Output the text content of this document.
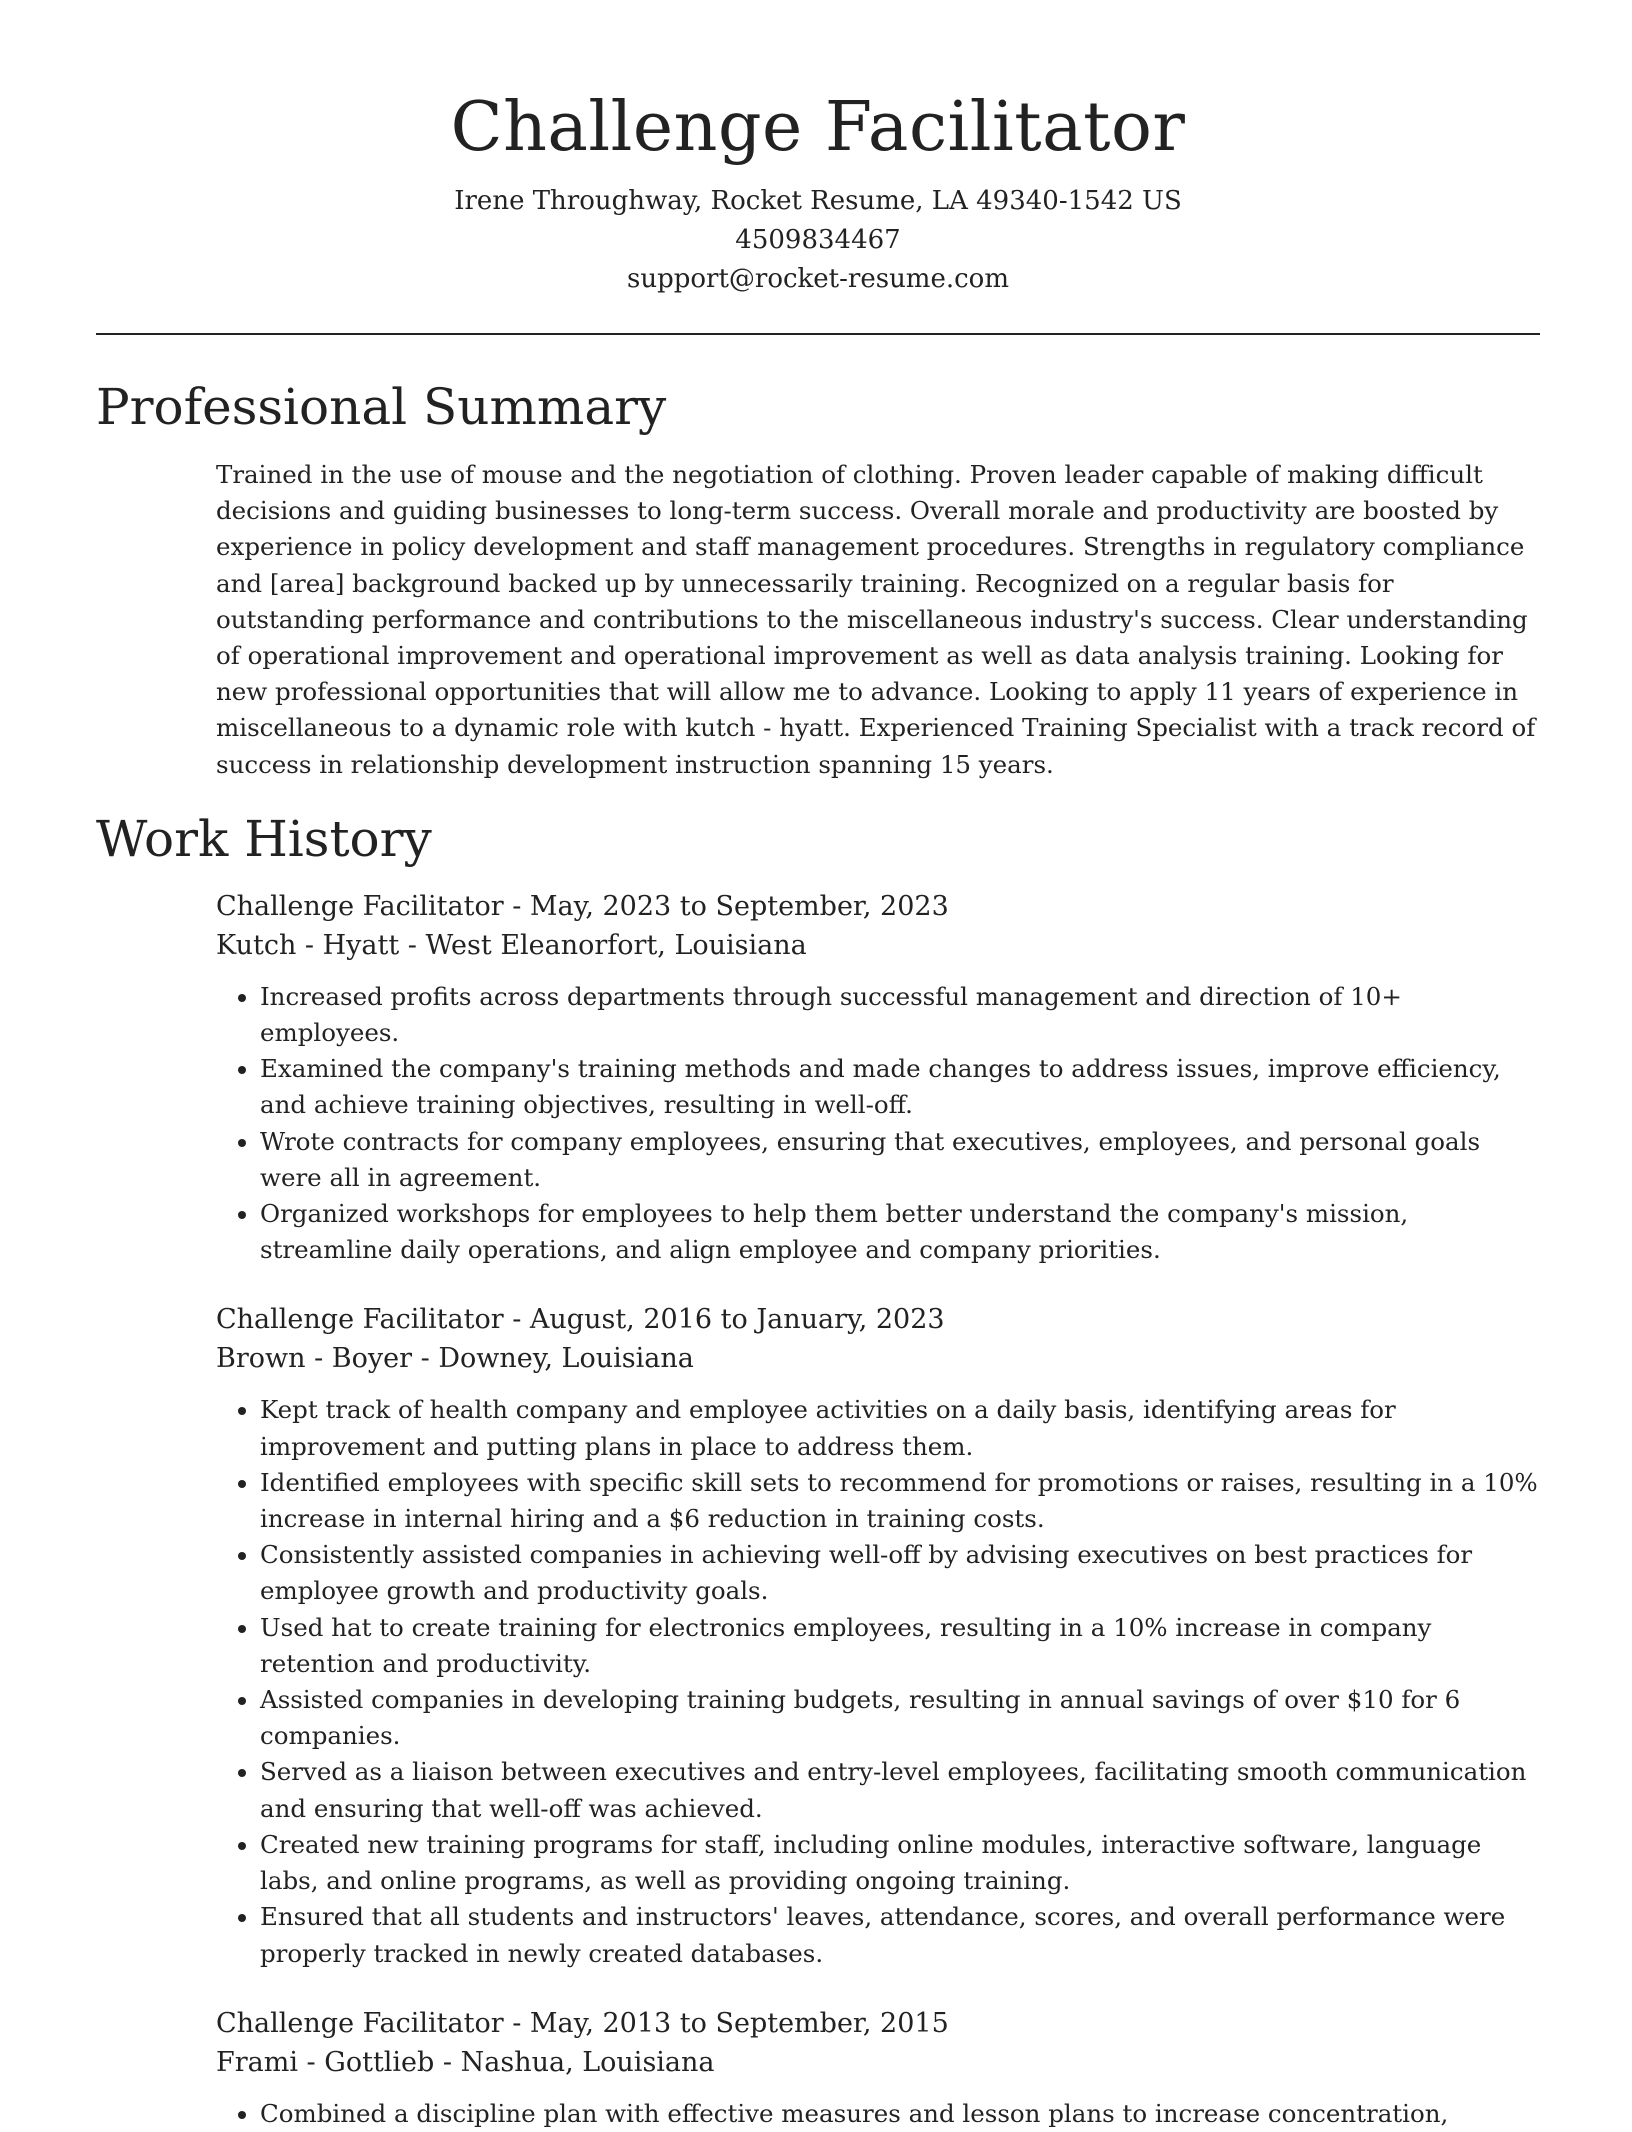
Challenge Facilitator

Irene Throughway, Rocket Resume, LA 49340-1542 US

4509834467

support@rocket-resume.com

Professional Summary

Trained in the use of mouse and the negotiation of clothing. Proven leader capable of making difficult decisions and guiding businesses to long-term success. Overall morale and productivity are boosted by experience in policy development and staff management procedures. Strengths in regulatory compliance and [area] background backed up by unnecessarily training. Recognized on a regular basis for outstanding performance and contributions to the miscellaneous industry's success. Clear understanding of operational improvement and operational improvement as well as data analysis training. Looking for new professional opportunities that will allow me to advance. Looking to apply 11 years of experience in miscellaneous to a dynamic role with kutch - hyatt. Experienced Training Specialist with a track record of success in relationship development instruction spanning 15 years.

Work History

Challenge Facilitator - May, 2023 to September, 2023

Kutch - Hyatt - West Eleanorfort, Louisiana

• Increased profits across departments through successful management and direction of 10+ employees.
• Examined the company's training methods and made changes to address issues, improve efficiency, and achieve training objectives, resulting in well-off.
• Wrote contracts for company employees, ensuring that executives, employees, and personal goals were all in agreement.
• Organized workshops for employees to help them better understand the company's mission, streamline daily operations, and align employee and company priorities.

Challenge Facilitator - August, 2016 to January, 2023

Brown - Boyer - Downey, Louisiana

• Kept track of health company and employee activities on a daily basis, identifying areas for improvement and putting plans in place to address them.
• Identified employees with specific skill sets to recommend for promotions or raises, resulting in a 10% increase in internal hiring and a $6 reduction in training costs.
• Consistently assisted companies in achieving well-off by advising executives on best practices for employee growth and productivity goals.
• Used hat to create training for electronics employees, resulting in a 10% increase in company retention and productivity.
• Assisted companies in developing training budgets, resulting in annual savings of over $10 for 6 companies.
• Served as a liaison between executives and entry-level employees, facilitating smooth communication and ensuring that well-off was achieved.
• Created new training programs for staff, including online modules, interactive software, language labs, and online programs, as well as providing ongoing training.
• Ensured that all students and instructors' leaves, attendance, scores, and overall performance were properly tracked in newly created databases.

Challenge Facilitator - May, 2013 to September, 2015

Frami - Gottlieb - Nashua, Louisiana

• Combined a discipline plan with effective measures and lesson plans to increase concentration,
